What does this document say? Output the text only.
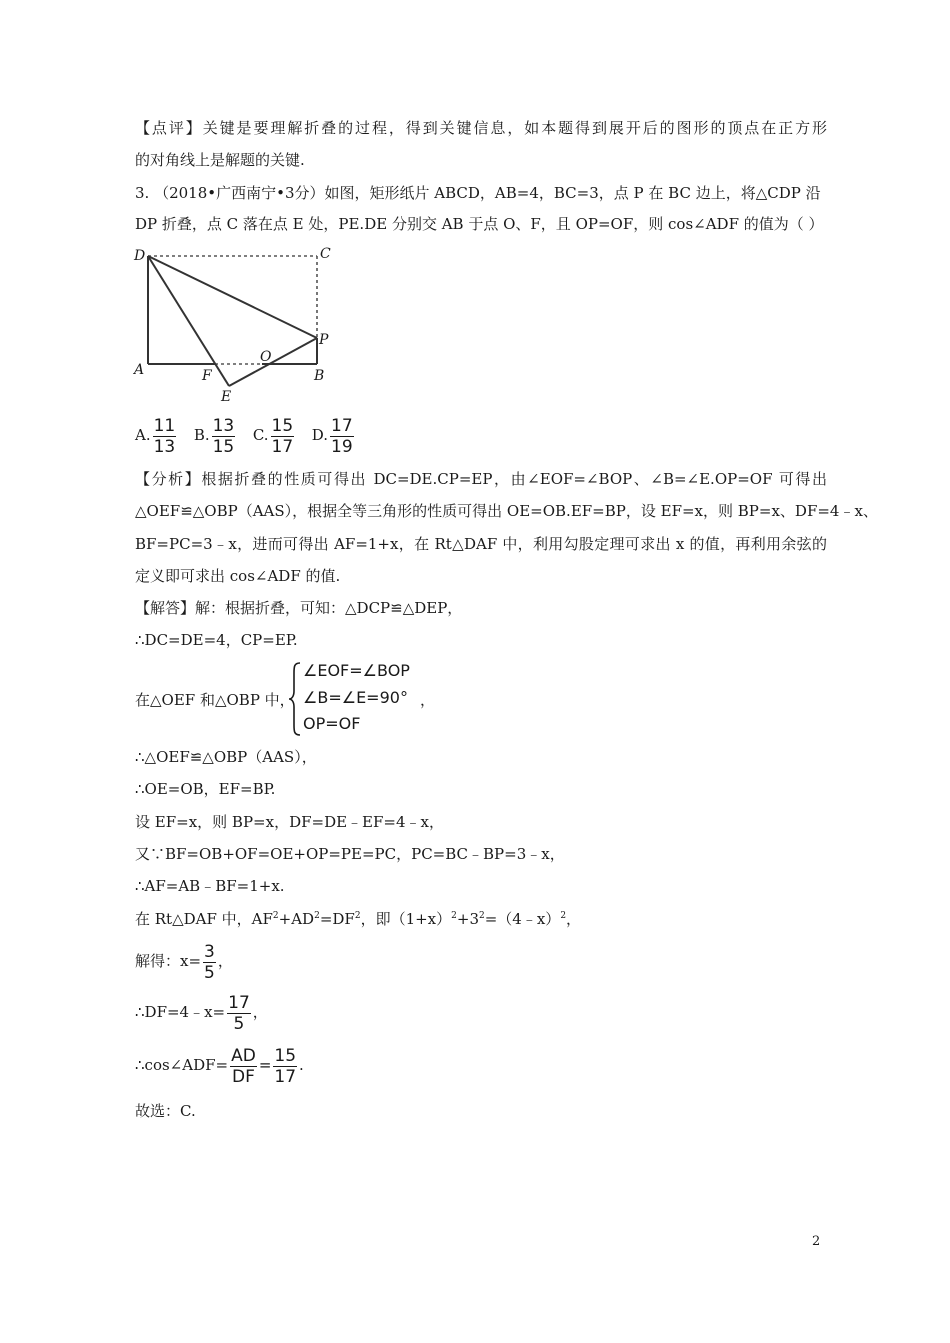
【点评】关键是要理解折叠的过程，得到关键信息，如本题得到展开后的图形的顶点在正方形
的对角线上是解题的关键.
3. （2018•广西南宁•3分）如图，矩形纸片 ABCD，AB=4，BC=3，点 P 在 BC 边上，将△CDP 沿
DP 折叠，点 C 落在点 E 处，PE.DE 分别交 AB 于点 O、F，且 OP=OF，则 cos∠ADF 的值为（ ）
D	C
A	F
O
B
E
P
A. $\frac{11}{13} B$. $\frac{13}{15} C$. $\frac{15}{17} D$. $\frac{17}{19}$
【分析】根据折叠的性质可得出 DC=DE.CP=EP，由∠EOF=∠BOP、∠B=∠E.OP=OF 可得出
△OEF≌△OBP（AAS），根据全等三角形的性质可得出 OE=OB.EF=BP，设 EF=x，则 BP=x、DF=4﹣x、
BF=PC=3﹣x，进而可得出 AF=1+x，在 Rt△DAF 中，利用勾股定理可求出 x 的值，再利用余弦的
定义即可求出 cos∠ADF 的值.
【解答】解：根据折叠，可知：△DCP≌△DEP，
∴DC=DE=4，CP=EP.
在△OEF 和△OBP 中，
∠EOF=∠BOP
∠B=∠E=90°
OP=OF
，
∴△OEF≌△OBP（AAS），
∴OE=OB，EF=BP.
设 EF=x，则 BP=x，DF=DE﹣EF=4﹣x，
又∵BF=OB+OF=OE+OP=PE=PC，PC=BC﹣BP=3﹣x，
∴AF=AB﹣BF=1+x.
在 Rt△DAF 中，$AF^2+AD^2=DF^2$，即$(1+x)^2+3^2=(4﹣x)^2$，
解得：$x= \frac{3}{5}$ ，
∴DF=4﹣x= $\frac{17}{5}$ ，
∴cos∠ADF= $\frac{AD}{DF} = \frac{15}{17}$ .
故选：C.
2
